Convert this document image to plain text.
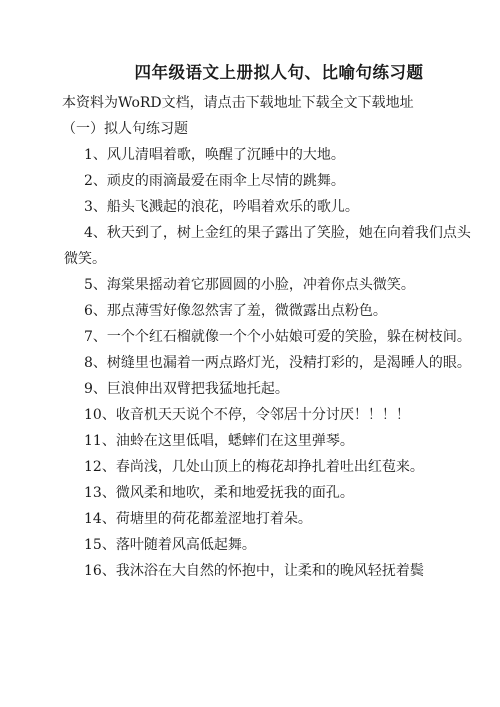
四年级语文上册拟人句、比喻句练习题
本资料为WoRD文档，请点击下载地址下载全文下载地址
（一）拟人句练习题
1、风儿清唱着歌，唤醒了沉睡中的大地。
2、顽皮的雨滴最爱在雨伞上尽情的跳舞。
3、船头飞溅起的浪花，吟唱着欢乐的歌儿。
4、秋天到了，树上金红的果子露出了笑脸，她在向着我们点头微笑。
5、海棠果摇动着它那圆圆的小脸，冲着你点头微笑。
6、那点薄雪好像忽然害了羞，微微露出点粉色。
7、一个个红石榴就像一个个小姑娘可爱的笑脸，躲在树枝间。
8、树缝里也漏着一两点路灯光，没精打彩的，是渴睡人的眼。
9、巨浪伸出双臂把我猛地托起。
10、收音机天天说个不停，令邻居十分讨厌！！！！
11、油蛉在这里低唱，蟋蟀们在这里弹琴。
12、春尚浅，几处山顶上的梅花却挣扎着吐出红苞来。
13、微风柔和地吹，柔和地爱抚我的面孔。
14、荷塘里的荷花都羞涩地打着朵。
15、落叶随着风高低起舞。
16、我沐浴在大自然的怀抱中，让柔和的晚风轻抚着鬓
